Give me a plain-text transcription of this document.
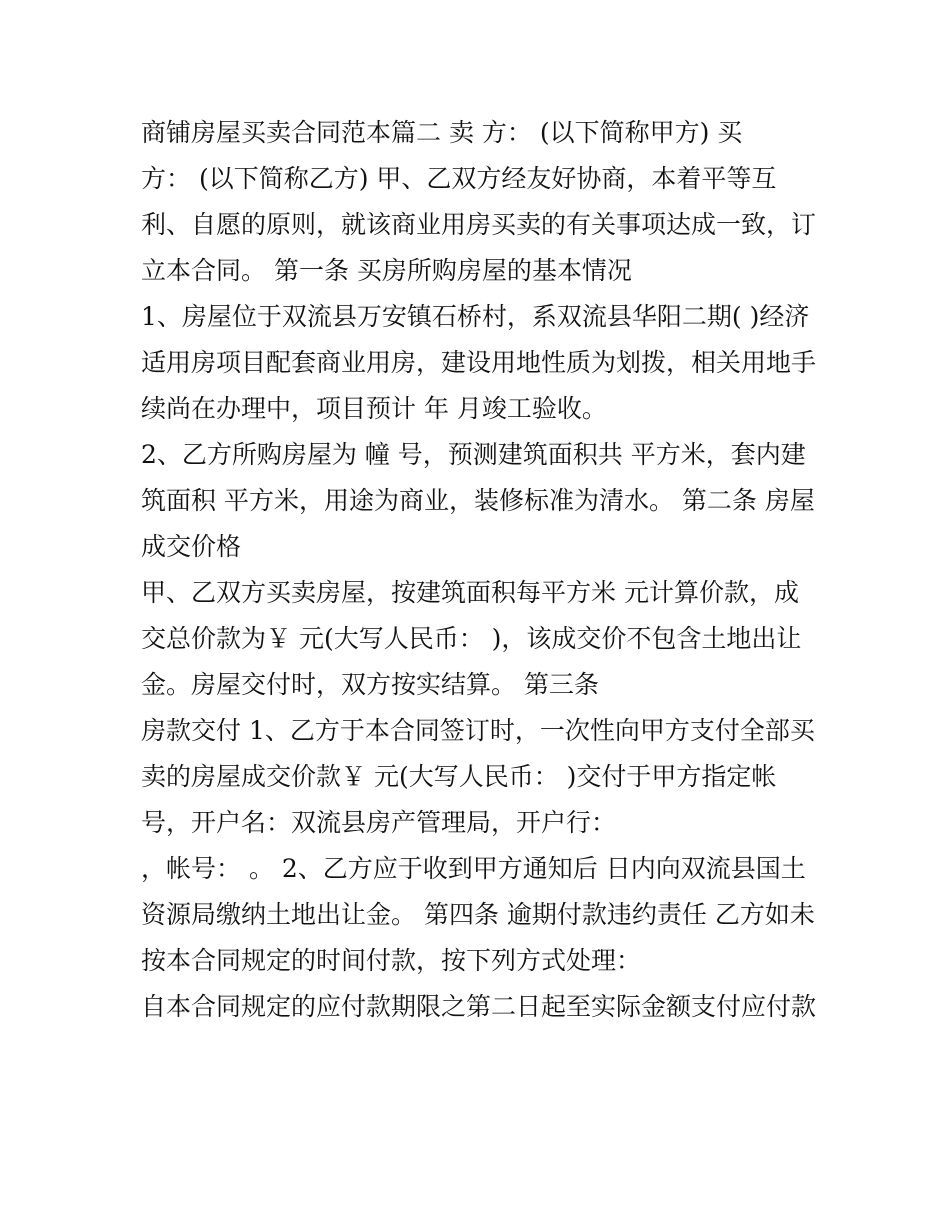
商铺房屋买卖合同范本篇二 卖 方： (以下简称甲方) 买
方： (以下简称乙方) 甲、乙双方经友好协商，本着平等互
利、自愿的原则，就该商业用房买卖的有关事项达成一致，订
立本合同。 第一条 买房所购房屋的基本情况
1、房屋位于双流县万安镇石桥村，系双流县华阳二期( )经济
适用房项目配套商业用房，建设用地性质为划拨，相关用地手
续尚在办理中，项目预计 年 月竣工验收。
2、乙方所购房屋为 幢 号，预测建筑面积共 平方米，套内建
筑面积 平方米，用途为商业，装修标准为清水。 第二条 房屋
成交价格
甲、乙双方买卖房屋，按建筑面积每平方米 元计算价款，成
交总价款为￥ 元(大写人民币： )，该成交价不包含土地出让
金。房屋交付时，双方按实结算。 第三条
房款交付 1、乙方于本合同签订时，一次性向甲方支付全部买
卖的房屋成交价款￥ 元(大写人民币： )交付于甲方指定帐
号，开户名：双流县房产管理局，开户行：
，帐号： 。 2、乙方应于收到甲方通知后 日内向双流县国土
资源局缴纳土地出让金。 第四条 逾期付款违约责任 乙方如未
按本合同规定的时间付款，按下列方式处理：
自本合同规定的应付款期限之第二日起至实际金额支付应付款
